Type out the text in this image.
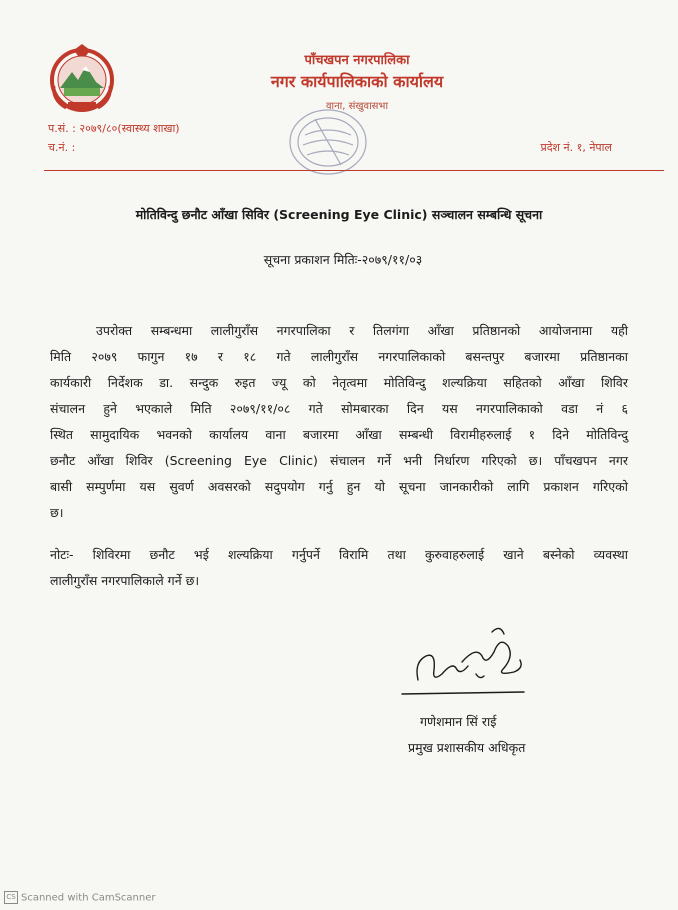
पाँचखपन नगरपालिका
नगर कार्यपालिकाको कार्यालय
वाना, संखुवासभा
प.सं. : २०७९/८०(स्वास्थ्य शाखा)
च.नं. :	प्रदेश नं. १, नेपाल
मोतिविन्दु छनौट आँखा सिविर (Screening Eye Clinic) सञ्चालन सम्बन्धि सूचना
सूचना प्रकाशन मितिः-२०७९/११/०३
उपरोक्त सम्बन्धमा लालीगुराँस नगरपालिका र तिलगंगा आँखा प्रतिष्ठानको आयोजनामा यही
मिति २०७९ फागुन १७ र १८ गते लालीगुराँस नगरपालिकाको बसन्तपुर बजारमा प्रतिष्ठानका
कार्यकारी निर्देशक डा. सन्दुक रुइत ज्यू को नेतृत्वमा मोतिविन्दु शल्यक्रिया सहितको आँखा शिविर
संचालन हुने भएकाले मिति २०७९/११/०८ गते सोमबारका दिन यस नगरपालिकाको वडा नं ६
स्थित सामुदायिक भवनको कार्यालय वाना बजारमा आँखा सम्बन्धी विरामीहरुलाई १ दिने मोतिविन्दु
छनौट आँखा शिविर (Screening Eye Clinic) संचालन गर्ने भनी निर्धारण गरिएको छ। पाँचखपन नगर
बासी सम्पुर्णमा यस सुवर्ण अवसरको सदुपयोग गर्नु हुन यो सूचना जानकारीको लागि प्रकाशन गरिएको
छ।
नोटः- शिविरमा छनौट भई शल्यक्रिया गर्नुपर्ने विरामि तथा कुरुवाहरुलाई खाने बस्नेको व्यवस्था
लालीगुराँस नगरपालिकाले गर्ने छ।
गणेशमान सिं राई
प्रमुख प्रशासकीय अधिकृत
CS Scanned with CamScanner
